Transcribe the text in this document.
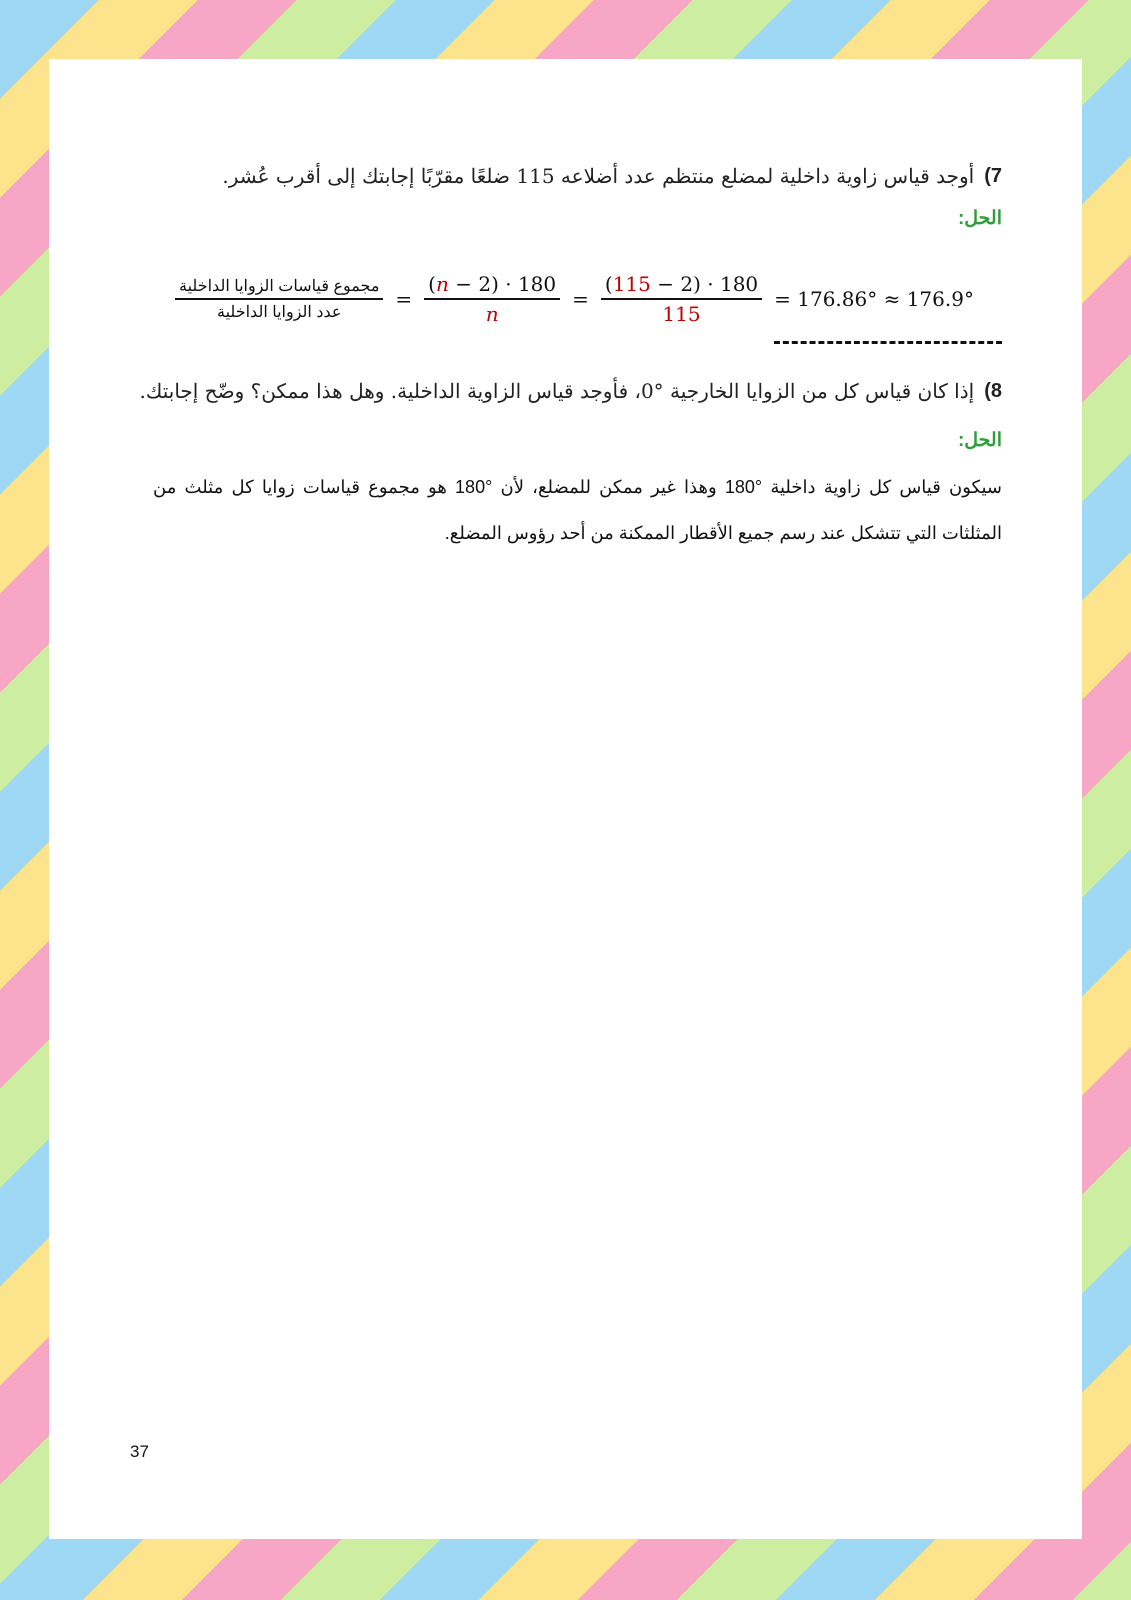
7)
أوجد قياس زاوية داخلية لمضلع منتظم عدد أضلاعه 115 ضلعًا مقرّبًا إجابتك إلى أقرب عُشر.
الحل:
$\frac{\text{مجموع قياسات الزوايا الداخلية}}{\text{عدد الزوايا الداخلية}} = \frac{(n - 2) \cdot 180}{n} = \frac{(115 - 2) \cdot 180}{115} = 176.86^\circ \approx 176.9^\circ$
8)
إذا كان قياس كل من الزوايا الخارجية °0، فأوجد قياس الزاوية الداخلية. وهل هذا ممكن؟ وضّح إجابتك.
الحل:
سيكون قياس كل زاوية داخلية °180 وهذا غير ممكن للمضلع، لأن °180 هو مجموع قياسات زوايا كل مثلث من المثلثات التي تتشكل عند رسم جميع الأقطار الممكنة من أحد رؤوس المضلع.
37
